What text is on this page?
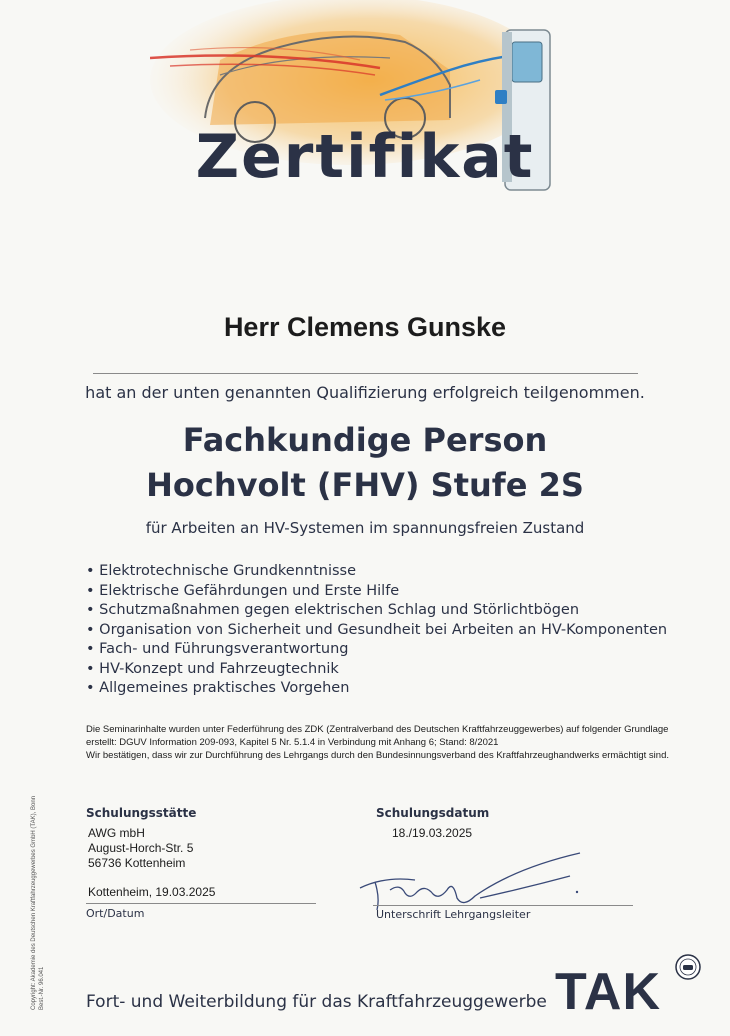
Zertifikat
Herr Clemens Gunske
hat an der unten genannten Qualifizierung erfolgreich teilgenommen.
Fachkundige Person
Hochvolt (FHV) Stufe 2S
für Arbeiten an HV-Systemen im spannungsfreien Zustand
• Elektrotechnische Grundkenntnisse
• Elektrische Gefährdungen und Erste Hilfe
• Schutzmaßnahmen gegen elektrischen Schlag und Störlichtbögen
• Organisation von Sicherheit und Gesundheit bei Arbeiten an HV-Komponenten
• Fach- und Führungsverantwortung
• HV-Konzept und Fahrzeugtechnik
• Allgemeines praktisches Vorgehen
Die Seminarinhalte wurden unter Federführung des ZDK (Zentralverband des Deutschen Kraftfahrzeuggewerbes) auf folgender Grundlage
erstellt: DGUV Information 209-093, Kapitel 5 Nr. 5.1.4 in Verbindung mit Anhang 6; Stand: 8/2021
Wir bestätigen, dass wir zur Durchführung des Lehrgangs durch den Bundesinnungsverband des Kraftfahrzeughandwerks ermächtigt sind.
Schulungsstätte
AWG mbH
August-Horch-Str. 5
56736 Kottenheim
Schulungsdatum
18./19.03.2025
Kottenheim, 19.03.2025
Ort/Datum	Unterschrift Lehrgangsleiter
Copyright: Akademie des Deutschen Kraftfahrzeuggewerbes GmbH (TAK), Bonn Best.-Nr. 96.041 Fort- und Weiterbildung für das Kraftfahrzeuggewerbe TAK
